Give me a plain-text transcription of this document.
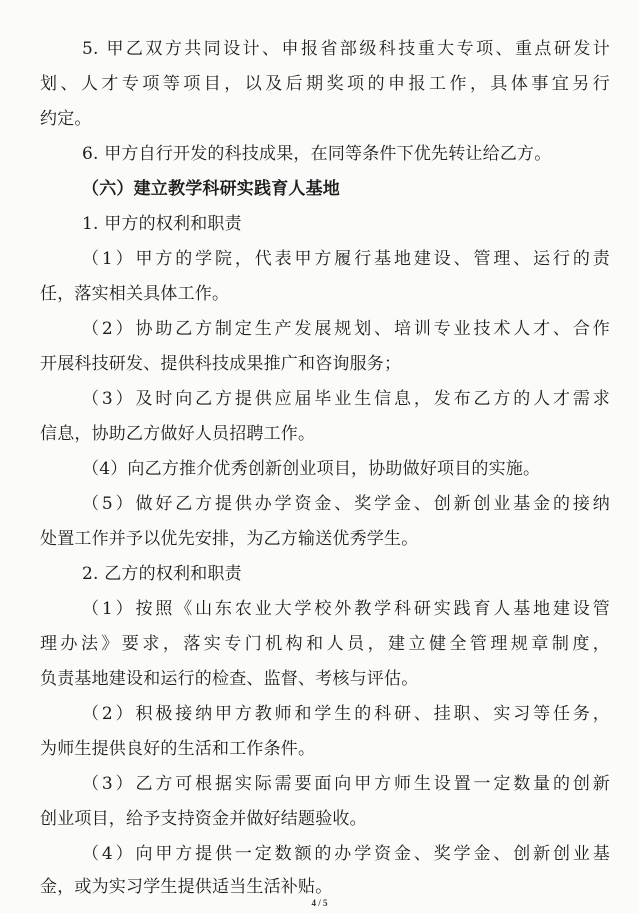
5. 甲乙双方共同设计、申报省部级科技重大专项、重点研发计
划、人才专项等项目，以及后期奖项的申报工作，具体事宜另行
约定。
6. 甲方自行开发的科技成果，在同等条件下优先转让给乙方。
（六）建立教学科研实践育人基地
1. 甲方的权利和职责
（1）甲方的学院，代表甲方履行基地建设、管理、运行的责
任，落实相关具体工作。
（2）协助乙方制定生产发展规划、培训专业技术人才、合作
开展科技研发、提供科技成果推广和咨询服务；
（3）及时向乙方提供应届毕业生信息，发布乙方的人才需求
信息，协助乙方做好人员招聘工作。
（4）向乙方推介优秀创新创业项目，协助做好项目的实施。
（5）做好乙方提供办学资金、奖学金、创新创业基金的接纳
处置工作并予以优先安排，为乙方输送优秀学生。
2. 乙方的权利和职责
（1）按照《山东农业大学校外教学科研实践育人基地建设管
理办法》要求，落实专门机构和人员，建立健全管理规章制度，
负责基地建设和运行的检查、监督、考核与评估。
（2）积极接纳甲方教师和学生的科研、挂职、实习等任务，
为师生提供良好的生活和工作条件。
（3）乙方可根据实际需要面向甲方师生设置一定数量的创新
创业项目，给予支持资金并做好结题验收。
（4）向甲方提供一定数额的办学资金、奖学金、创新创业基
金，或为实习学生提供适当生活补贴。
4 / 5
